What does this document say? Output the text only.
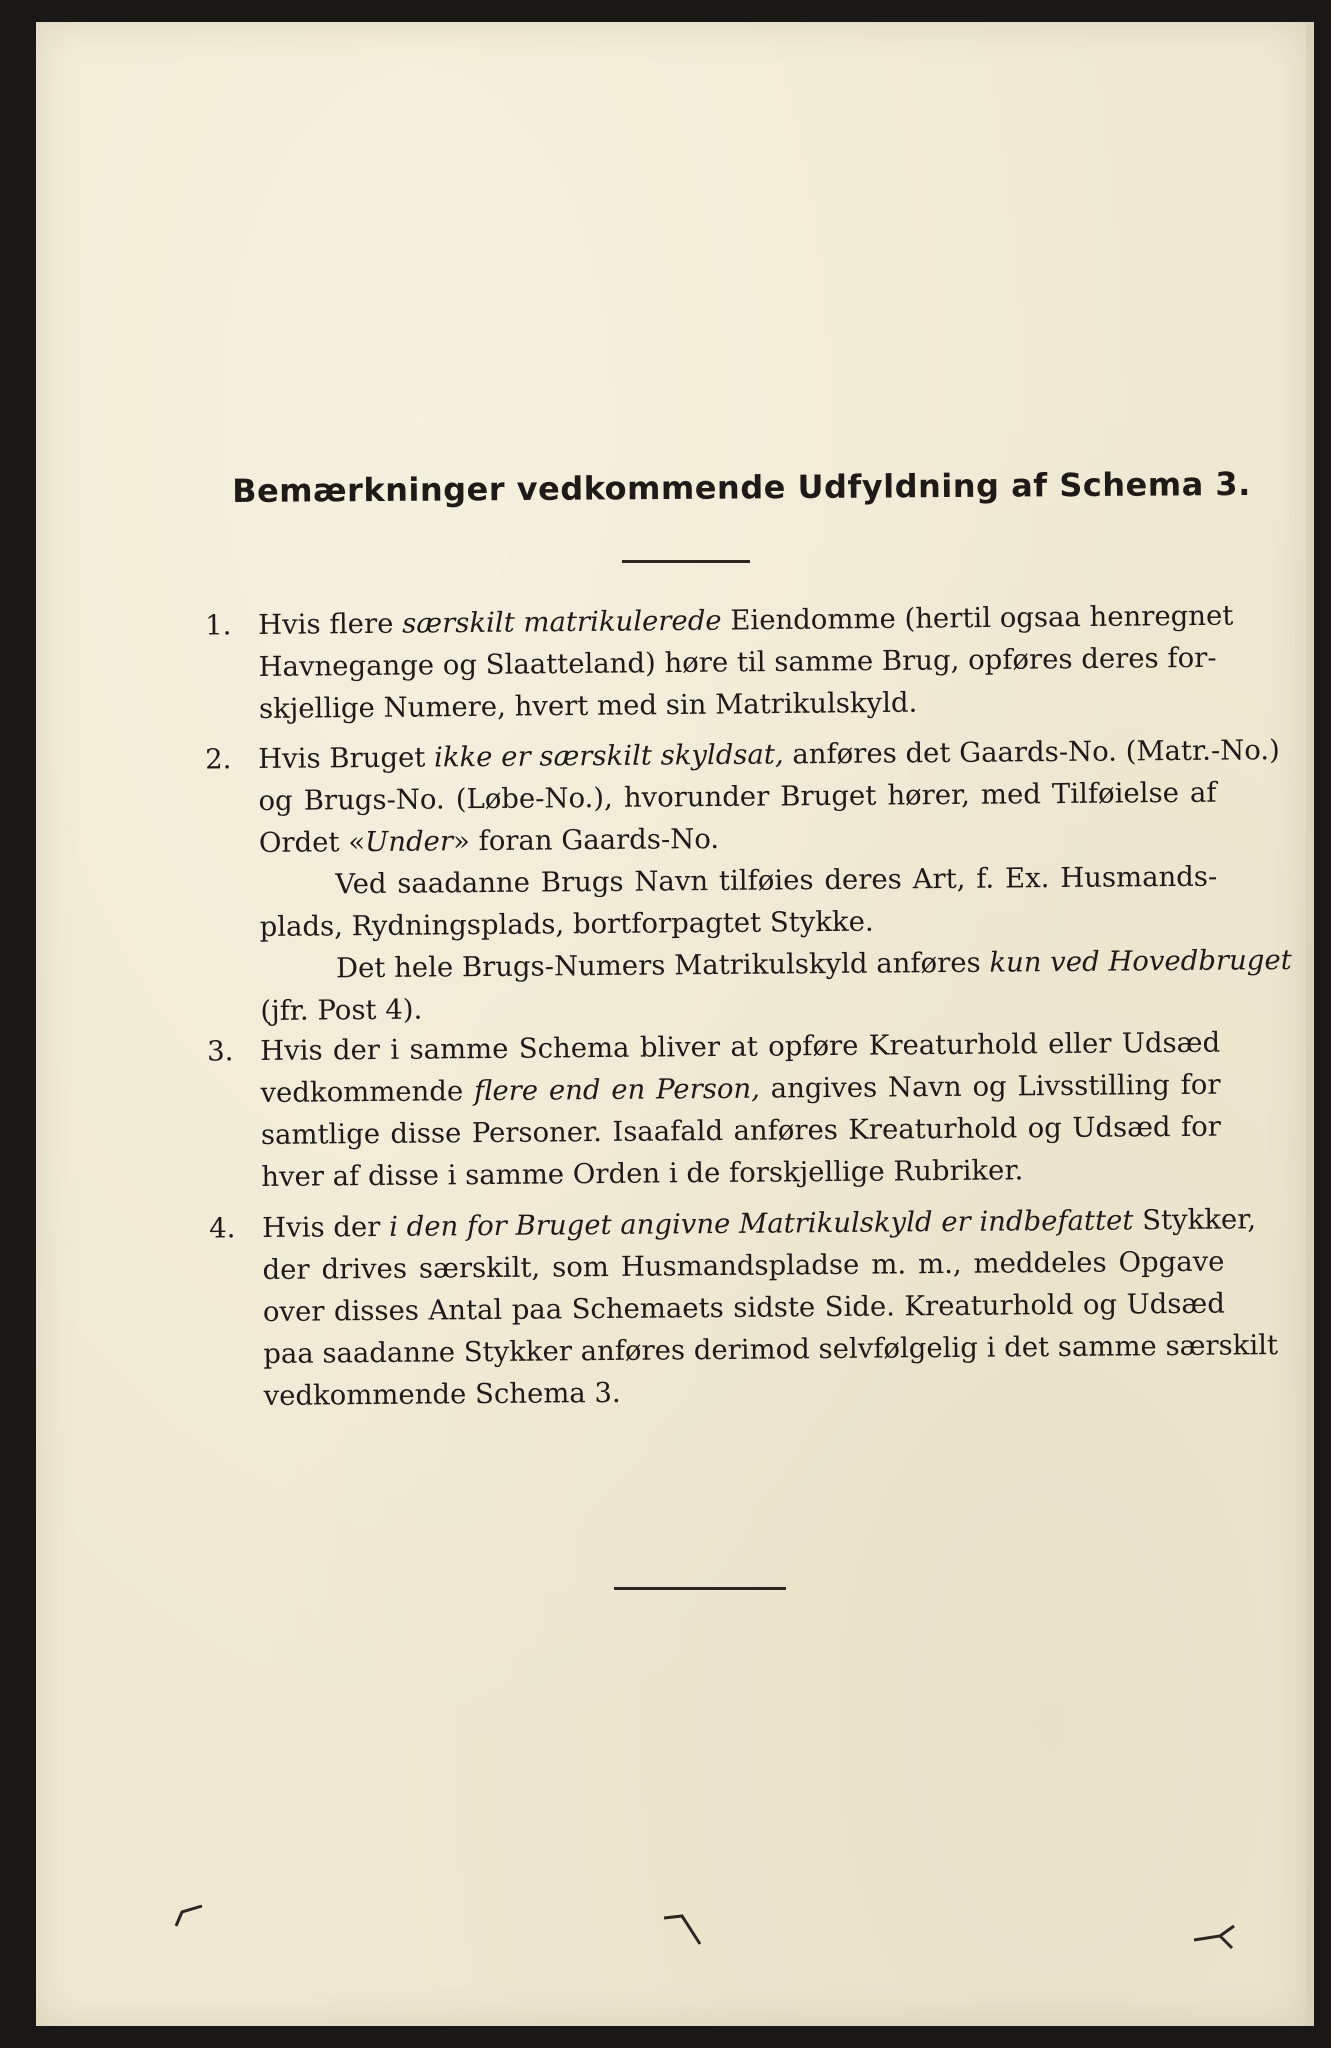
Bemærkninger vedkommende Udfyldning af Schema 3.
1. Hvis flere særskilt matrikulerede Eiendomme (hertil ogsaa henregnet
Havnegange og Slaatteland) høre til samme Brug, opføres deres for-
skjellige Numere, hvert med sin Matrikulskyld.
2. Hvis Bruget ikke er særskilt skyldsat, anføres det Gaards-No. (Matr.-No.)
og Brugs-No. (Løbe-No.), hvorunder Bruget hører, med Tilføielse af
Ordet «Under» foran Gaards-No.
Ved saadanne Brugs Navn tilføies deres Art, f. Ex. Husmands-
plads, Rydningsplads, bortforpagtet Stykke.
Det hele Brugs-Numers Matrikulskyld anføres kun ved Hovedbruget
(jfr. Post 4).
3. Hvis der i samme Schema bliver at opføre Kreaturhold eller Udsæd
vedkommende flere end en Person, angives Navn og Livsstilling for
samtlige disse Personer. Isaafald anføres Kreaturhold og Udsæd for
hver af disse i samme Orden i de forskjellige Rubriker.
4. Hvis der i den for Bruget angivne Matrikulskyld er indbefattet Stykker,
der drives særskilt, som Husmandspladse m. m., meddeles Opgave
over disses Antal paa Schemaets sidste Side. Kreaturhold og Udsæd
paa saadanne Stykker anføres derimod selvfølgelig i det samme særskilt
vedkommende Schema 3.
